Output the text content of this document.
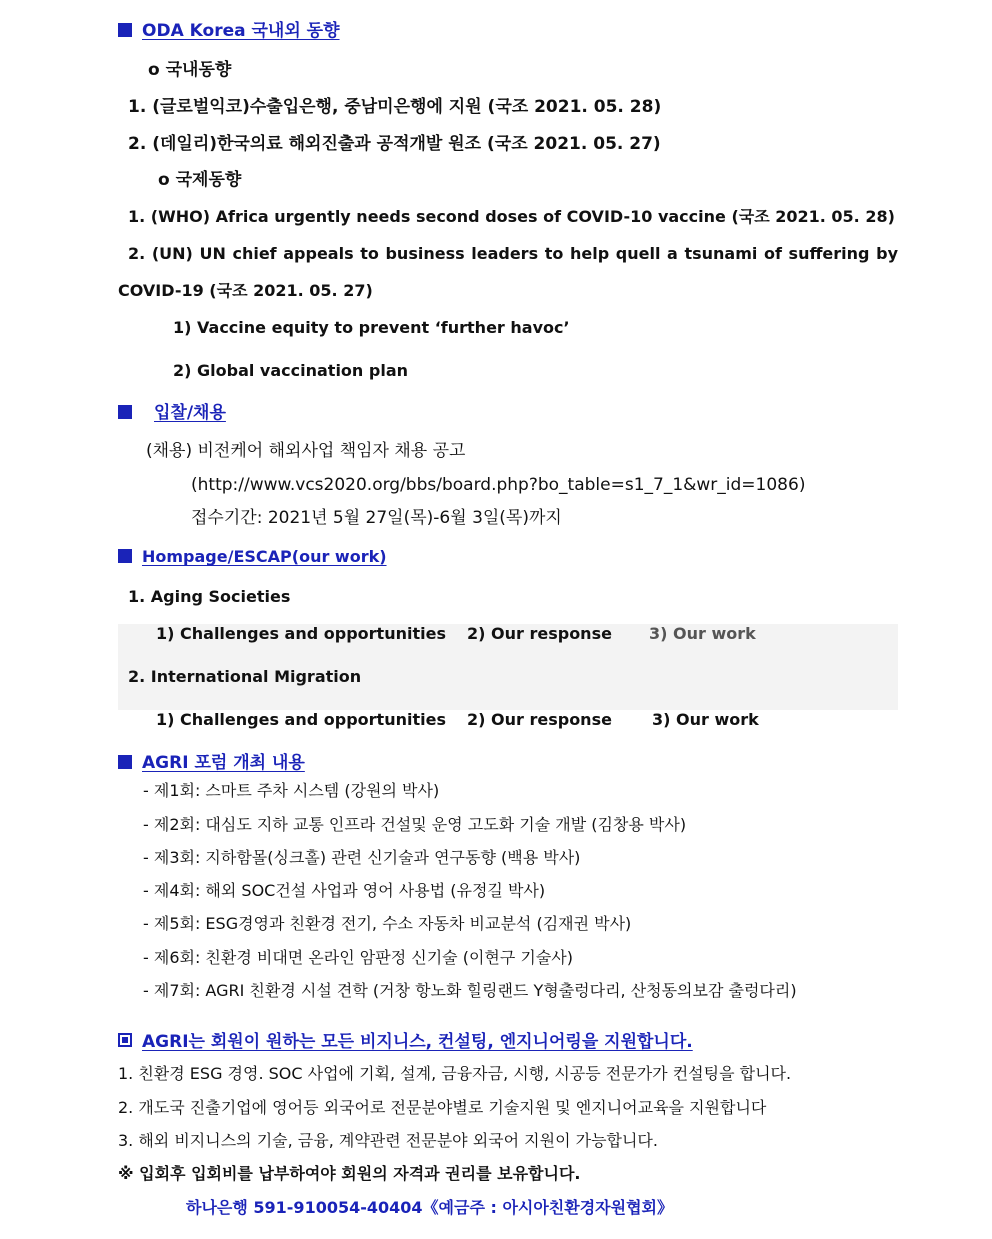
ODA Korea 국내외 동향
o 국내동향
1. (글로벌익코)수출입은행, 중남미은행에 지원 (국조 2021. 05. 28)
2. (데일리)한국의료 해외진출과 공적개발 원조 (국조 2021. 05. 27)
o 국제동향
1. (WHO) Africa urgently needs second doses of COVID-10 vaccine (국조 2021. 05. 28)
2. (UN) UN chief appeals to business leaders to help quell a tsunami of suffering by
COVID-19 (국조 2021. 05. 27)
1) Vaccine equity to prevent ‘further havoc’
2) Global vaccination plan
입찰/채용
(채용) 비전케어 해외사업 책임자 채용 공고
(http://www.vcs2020.org/bbs/board.php?bo_table=s1_7_1&wr_id=1086)
접수기간: 2021년 5월 27일(목)-6월 3일(목)까지
Hompage/ESCAP(our work)
1. Aging Societies
1) Challenges and opportunities 2) Our response 3) Our work
2. International Migration
1) Challenges and opportunities 2) Our response	3) Our work
AGRI 포럼 개최 내용
- 제1회: 스마트 주차 시스템 (강원의 박사)
- 제2회: 대심도 지하 교통 인프라 건설및 운영 고도화 기술 개발 (김창용 박사)
- 제3회: 지하함몰(싱크홀) 관련 신기술과 연구동향 (백용 박사)
- 제4회: 해외 SOC건설 사업과 영어 사용법 (유정길 박사)
- 제5회: ESG경영과 친환경 전기, 수소 자동차 비교분석 (김재권 박사)
- 제6회: 친환경 비대면 온라인 암판정 신기술 (이현구 기술사)
- 제7회: AGRI 친환경 시설 견학 (거창 항노화 힐링랜드 Y형출렁다리, 산청동의보감 출렁다리)
AGRI는 회원이 원하는 모든 비지니스, 컨설팅, 엔지니어링을 지원합니다.
1. 친환경 ESG 경영. SOC 사업에 기획, 설계, 금융자금, 시행, 시공등 전문가가 컨설팅을 합니다.
2. 개도국 진출기업에 영어등 외국어로 전문분야별로 기술지원 및 엔지니어교육을 지원합니다
3. 해외 비지니스의 기술, 금융, 계약관련 전문분야 외국어 지원이 가능합니다.
※ 입회후 입회비를 납부하여야 회원의 자격과 권리를 보유합니다.
하나은행 591-910054-40404《예금주 : 아시아친환경자원협회》
